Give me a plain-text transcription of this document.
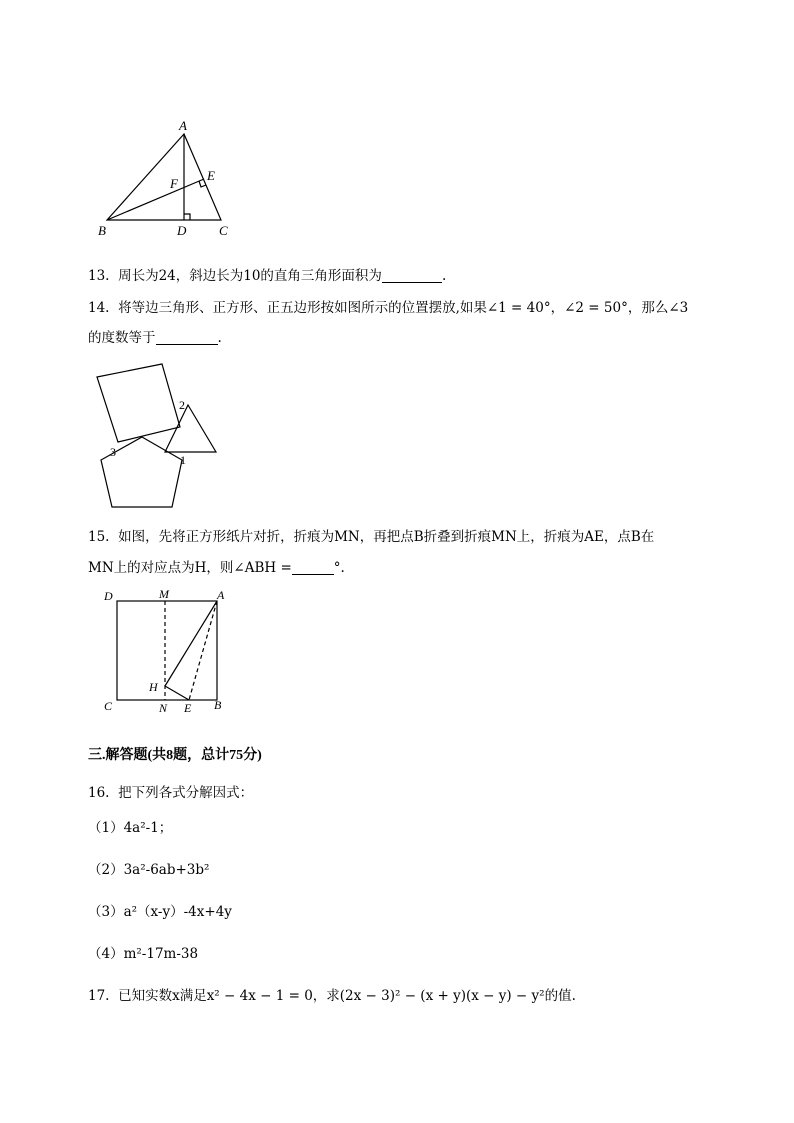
A
B	C
D
E
F
13. 周长为24，斜边长为10的直角三角形面积为	.
14. 将等边三角形、正方形、正五边形按如图所示的位置摆放,如果∠1 = 40°，∠2 = 50°，那么∠3
的度数等于	.
2
3
1
15. 如图，先将正方形纸片对折，折痕为MN，再把点B折叠到折痕MN上，折痕为AE，点B在
MN上的对应点为H，则∠ABH =	°.
D	M	A
H
C	N E B
三.解答题(共8题，总计75分)
16. 把下列各式分解因式：
（1）4a²-1；
（2）3a²-6ab+3b²
（3）a²（x-y）-4x+4y
（4）m²-17m-38
17. 已知实数x满足x² − 4x − 1 = 0，求(2x − 3)² − (x + y)(x − y) − y²的值.
